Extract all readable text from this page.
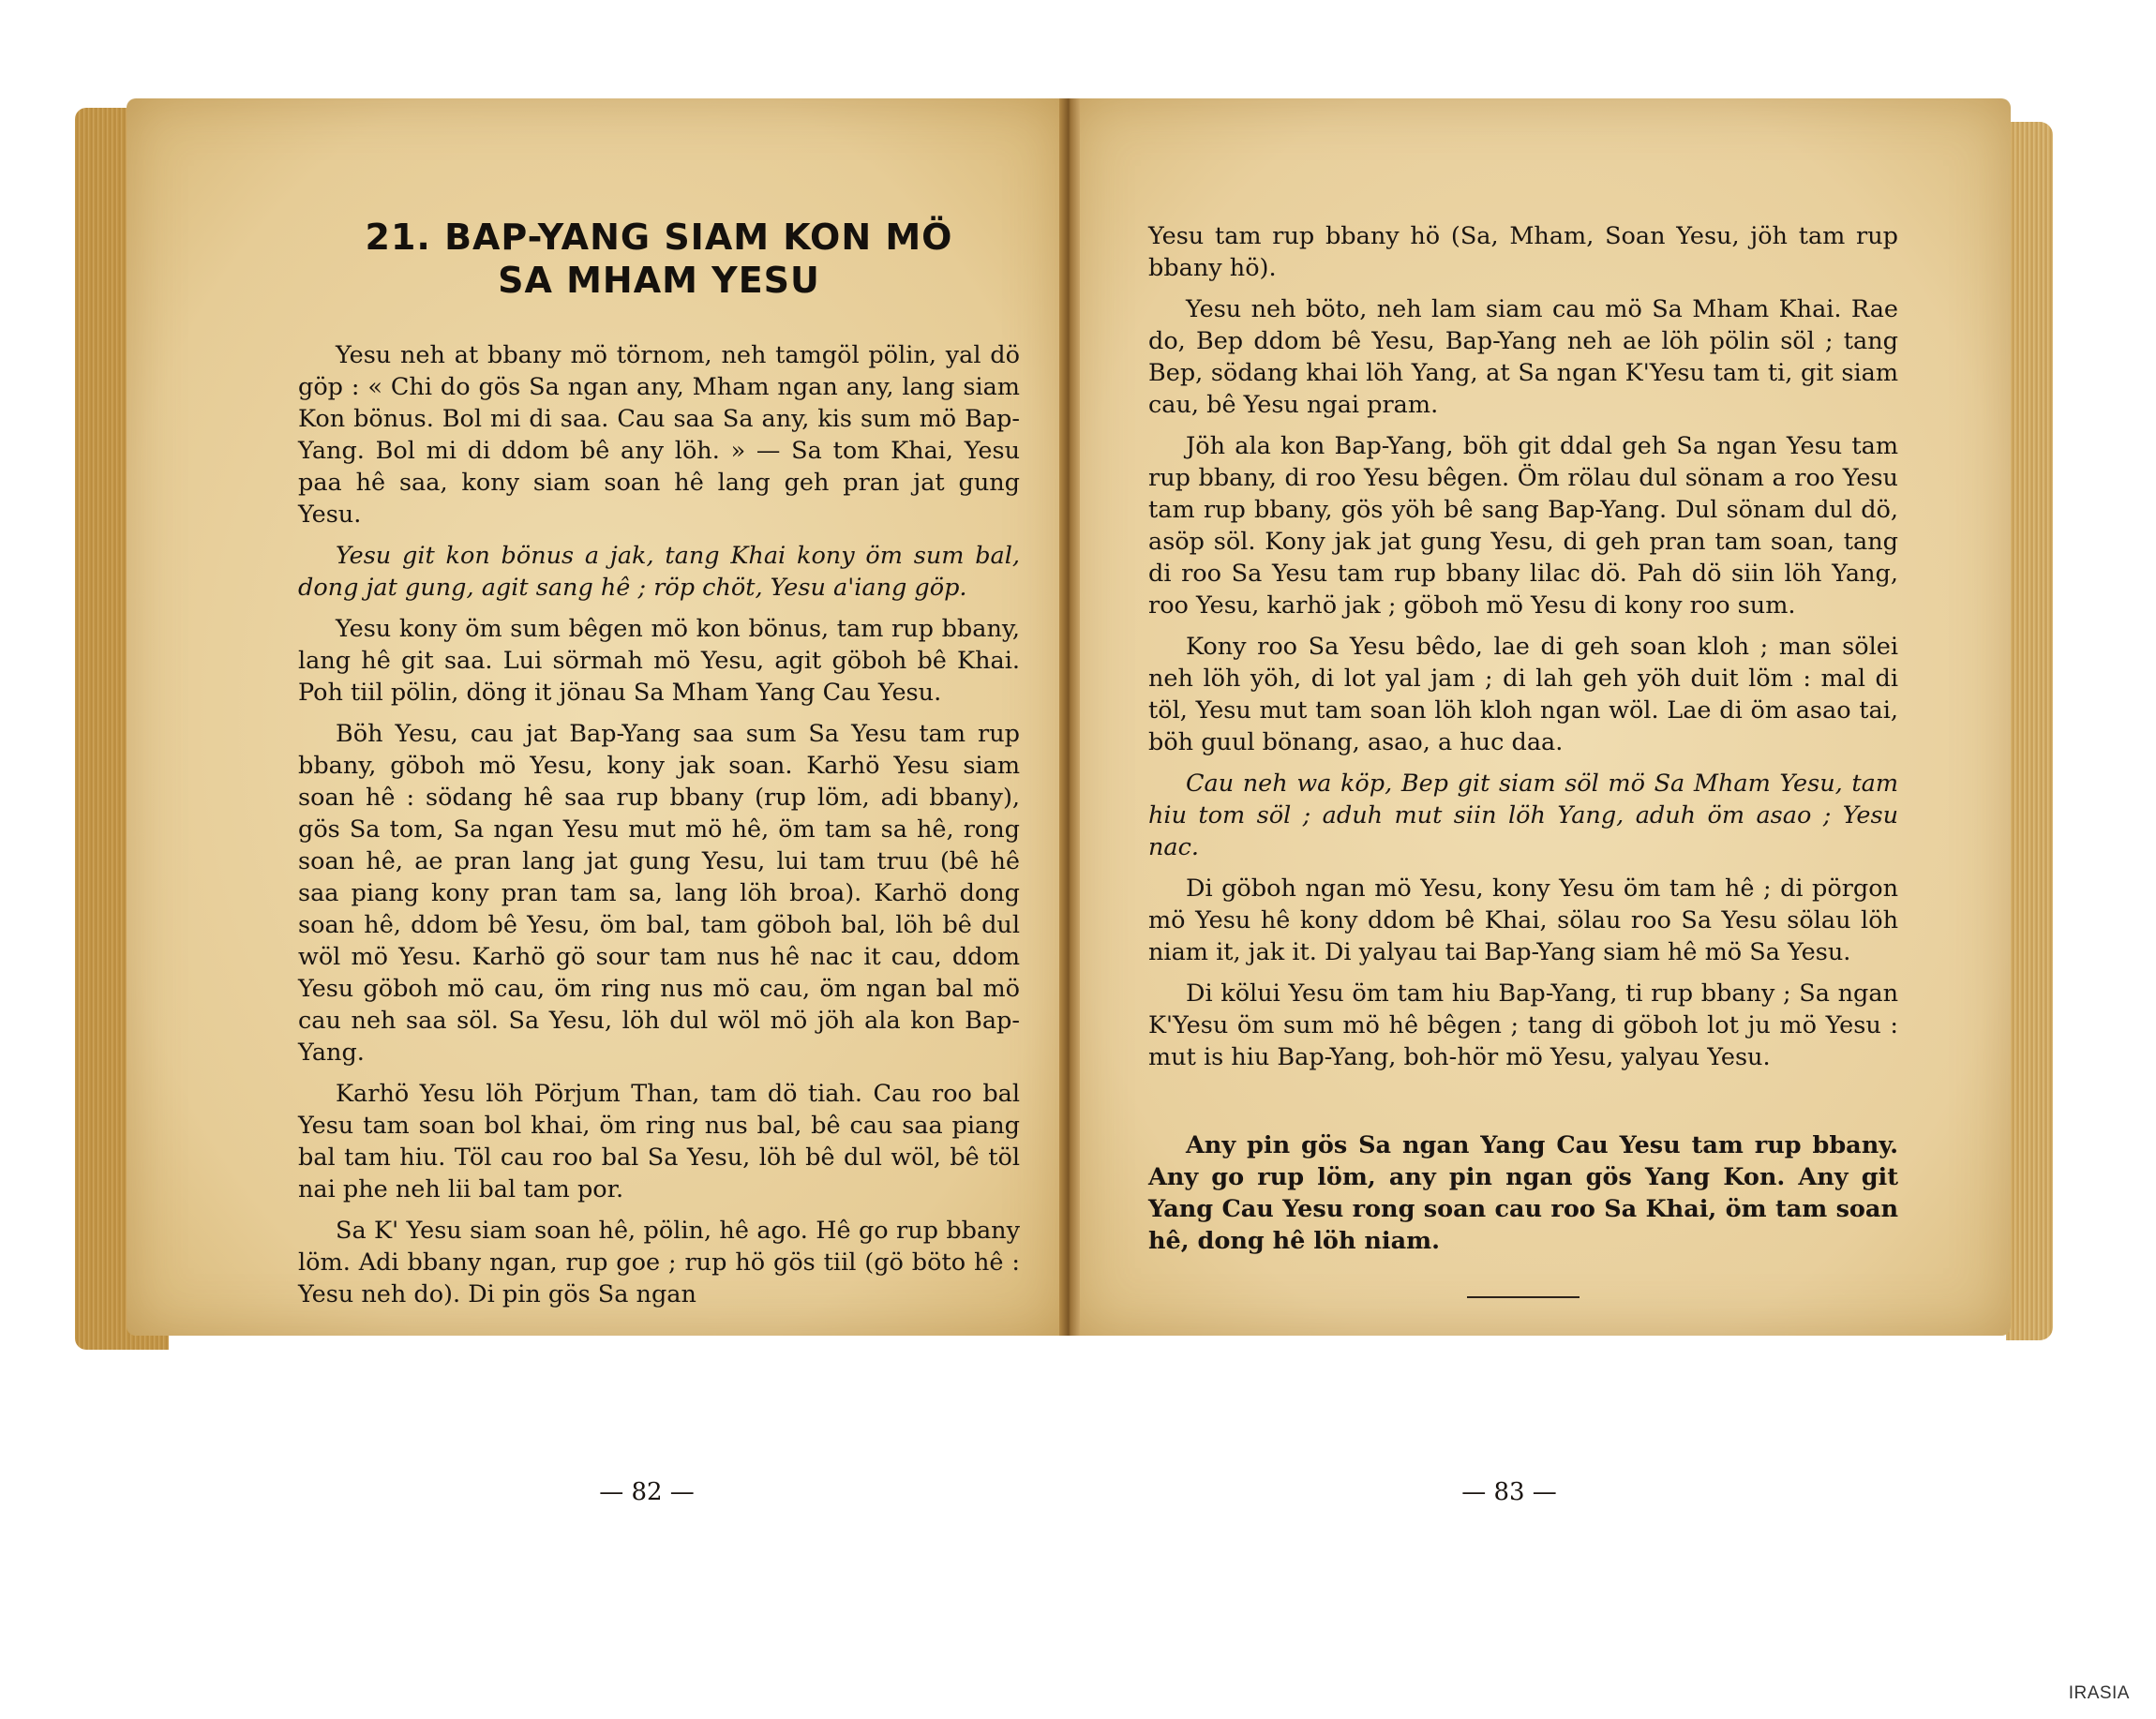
21. BAP-YANG SIAM KON MÖ
SA MHAM YESU

Yesu neh at bbany mö törnom, neh tamgöl pölin, yal dö göp : « Chi do gös Sa ngan any, Mham ngan any, lang siam Kon bönus. Bol mi di saa. Cau saa Sa any, kis sum mö Bap-Yang. Bol mi di ddom bê any löh. » — Sa tom Khai, Yesu paa hê saa, kony siam soan hê lang geh pran jat gung Yesu.

Yesu git kon bönus a jak, tang Khai kony öm sum bal, dong jat gung, agit sang hê ; röp chöt, Yesu a'iang göp.

Yesu kony öm sum bêgen mö kon bönus, tam rup bbany, lang hê git saa. Lui sörmah mö Yesu, agit göboh bê Khai. Poh tiil pölin, döng it jönau Sa Mham Yang Cau Yesu.

Böh Yesu, cau jat Bap-Yang saa sum Sa Yesu tam rup bbany, göboh mö Yesu, kony jak soan. Karhö Yesu siam soan hê : södang hê saa rup bbany (rup löm, adi bbany), gös Sa tom, Sa ngan Yesu mut mö hê, öm tam sa hê, rong soan hê, ae pran lang jat gung Yesu, lui tam truu (bê hê saa piang kony pran tam sa, lang löh broa). Karhö dong soan hê, ddom bê Yesu, öm bal, tam göboh bal, löh bê dul wöl mö Yesu. Karhö gö sour tam nus hê nac it cau, ddom Yesu göboh mö cau, öm ring nus mö cau, öm ngan bal mö cau neh saa söl. Sa Yesu, löh dul wöl mö jöh ala kon Bap-Yang.

Karhö Yesu löh Pörjum Than, tam dö tiah. Cau roo bal Yesu tam soan bol khai, öm ring nus bal, bê cau saa piang bal tam hiu. Töl cau roo bal Sa Yesu, löh bê dul wöl, bê töl nai phe neh lii bal tam por.

Sa K' Yesu siam soan hê, pölin, hê ago. Hê go rup bbany löm. Adi bbany ngan, rup goe ; rup hö gös tiil (gö böto hê : Yesu neh do). Di pin gös Sa ngan

Yesu tam rup bbany hö (Sa, Mham, Soan Yesu, jöh tam rup bbany hö).

Yesu neh böto, neh lam siam cau mö Sa Mham Khai. Rae do, Bep ddom bê Yesu, Bap-Yang neh ae löh pölin söl ; tang Bep, södang khai löh Yang, at Sa ngan K'Yesu tam ti, git siam cau, bê Yesu ngai pram.

Jöh ala kon Bap-Yang, böh git ddal geh Sa ngan Yesu tam rup bbany, di roo Yesu bêgen. Öm rölau dul sönam a roo Yesu tam rup bbany, gös yöh bê sang Bap-Yang. Dul sönam dul dö, asöp söl. Kony jak jat gung Yesu, di geh pran tam soan, tang di roo Sa Yesu tam rup bbany lilac dö. Pah dö siin löh Yang, roo Yesu, karhö jak ; göboh mö Yesu di kony roo sum.

Kony roo Sa Yesu bêdo, lae di geh soan kloh ; man sölei neh löh yöh, di lot yal jam ; di lah geh yöh duit löm : mal di töl, Yesu mut tam soan löh kloh ngan wöl. Lae di öm asao tai, böh guul bönang, asao, a huc daa.

Cau neh wa köp, Bep git siam söl mö Sa Mham Yesu, tam hiu tom söl ; aduh mut siin löh Yang, aduh öm asao ; Yesu nac.

Di göboh ngan mö Yesu, kony Yesu öm tam hê ; di pörgon mö Yesu hê kony ddom bê Khai, sölau roo Sa Yesu sölau löh niam it, jak it. Di yalyau tai Bap-Yang siam hê mö Sa Yesu.

Di kölui Yesu öm tam hiu Bap-Yang, ti rup bbany ; Sa ngan K'Yesu öm sum mö hê bêgen ; tang di göboh lot ju mö Yesu : mut is hiu Bap-Yang, boh-hör mö Yesu, yalyau Yesu.

Any pin gös Sa ngan Yang Cau Yesu tam rup bbany. Any go rup löm, any pin ngan gös Yang Kon. Any git Yang Cau Yesu rong soan cau roo Sa Khai, öm tam soan hê, dong hê löh niam.

— 82 —	— 83 —
IRASIA
